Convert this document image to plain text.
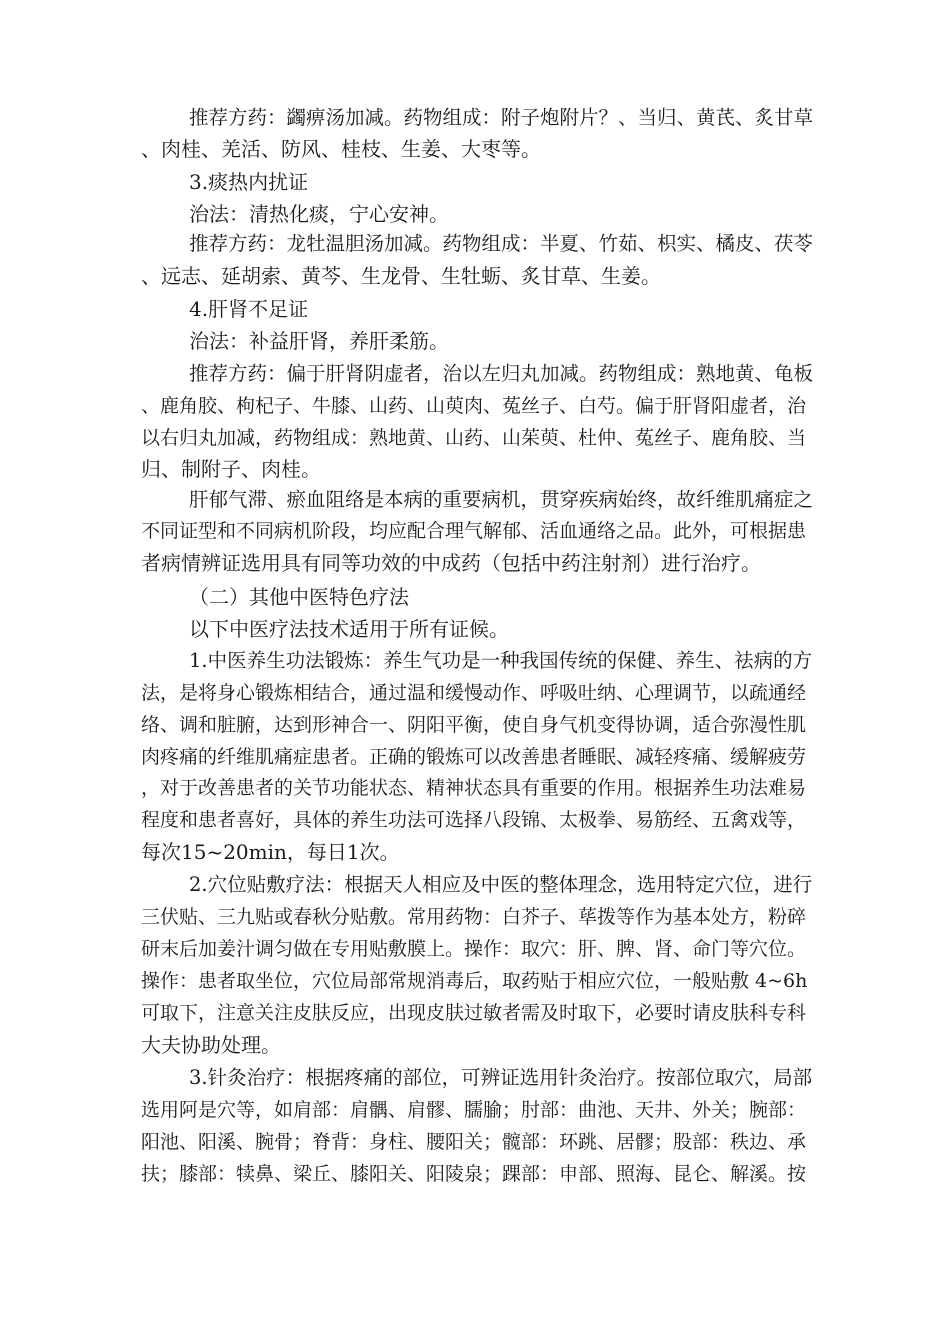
推荐方药：蠲痹汤加减。药物组成：附子炮附片？、当归、黄芪、炙甘草
、肉桂、羌活、防风、桂枝、生姜、大枣等。
3.痰热内扰证
治法：清热化痰，宁心安神。
推荐方药：龙牡温胆汤加减。药物组成：半夏、竹茹、枳实、橘皮、茯苓
、远志、延胡索、黄芩、生龙骨、生牡蛎、炙甘草、生姜。
4.肝肾不足证
治法：补益肝肾，养肝柔筋。
推荐方药：偏于肝肾阴虚者，治以左归丸加减。药物组成：熟地黄、龟板
、鹿角胶、枸杞子、牛膝、山药、山萸肉、菟丝子、白芍。偏于肝肾阳虚者，治
以右归丸加减，药物组成：熟地黄、山药、山茱萸、杜仲、菟丝子、鹿角胶、当
归、制附子、肉桂。
肝郁气滞、瘀血阻络是本病的重要病机，贯穿疾病始终，故纤维肌痛症之
不同证型和不同病机阶段，均应配合理气解郁、活血通络之品。此外，可根据患
者病情辨证选用具有同等功效的中成药（包括中药注射剂）进行治疗。
（二）其他中医特色疗法
以下中医疗法技术适用于所有证候。
1.中医养生功法锻炼：养生气功是一种我国传统的保健、养生、祛病的方
法，是将身心锻炼相结合，通过温和缓慢动作、呼吸吐纳、心理调节，以疏通经
络、调和脏腑，达到形神合一、阴阳平衡，使自身气机变得协调，适合弥漫性肌
肉疼痛的纤维肌痛症患者。正确的锻炼可以改善患者睡眠、减轻疼痛、缓解疲劳
，对于改善患者的关节功能状态、精神状态具有重要的作用。根据养生功法难易
程度和患者喜好，具体的养生功法可选择八段锦、太极拳、易筋经、五禽戏等，
每次15~20min，每日1次。
2.穴位贴敷疗法：根据天人相应及中医的整体理念，选用特定穴位，进行
三伏贴、三九贴或春秋分贴敷。常用药物：白芥子、荜拨等作为基本处方，粉碎
研末后加姜汁调匀做在专用贴敷膜上。操作：取穴：肝、脾、肾、命门等穴位。
操作：患者取坐位，穴位局部常规消毒后，取药贴于相应穴位，一般贴敷 4~6h
可取下，注意关注皮肤反应，出现皮肤过敏者需及时取下，必要时请皮肤科专科
大夫协助处理。
3.针灸治疗：根据疼痛的部位，可辨证选用针灸治疗。按部位取穴，局部
选用阿是穴等，如肩部：肩髃、肩髎、臑腧；肘部：曲池、天井、外关；腕部：
阳池、阳溪、腕骨；脊背：身柱、腰阳关；髋部：环跳、居髎；股部：秩边、承
扶；膝部：犊鼻、梁丘、膝阳关、阳陵泉；踝部：申部、照海、昆仑、解溪。按
